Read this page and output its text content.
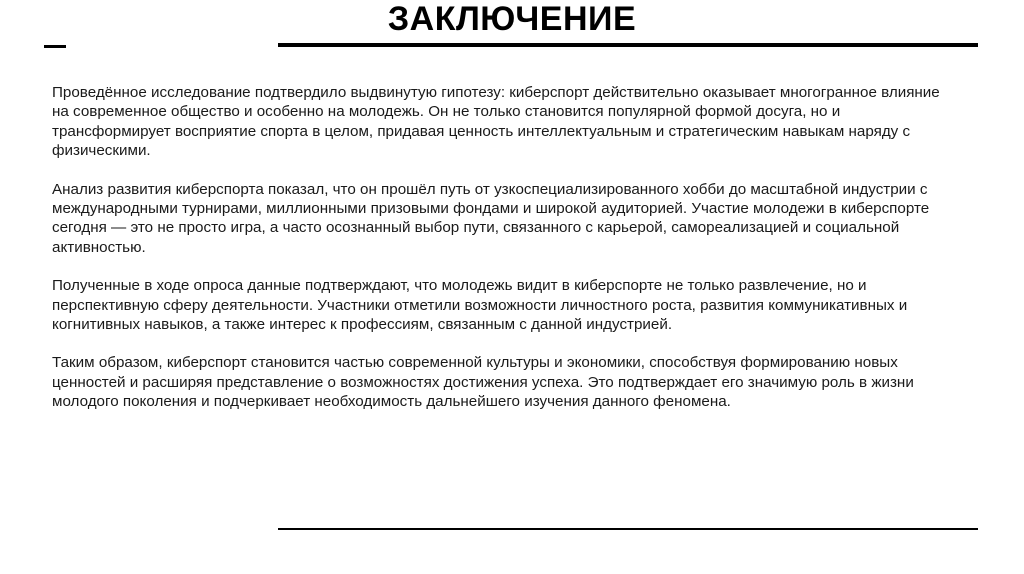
ЗАКЛЮЧЕНИЕ

Проведённое исследование подтвердило выдвинутую гипотезу: киберспорт действительно оказывает многогранное влияние на современное общество и особенно на молодежь. Он не только становится популярной формой досуга, но и трансформирует восприятие спорта в целом, придавая ценность интеллектуальным и стратегическим навыкам наряду с физическими.

Анализ развития киберспорта показал, что он прошёл путь от узкоспециализированного хобби до масштабной индустрии с международными турнирами, миллионными призовыми фондами и широкой аудиторией. Участие молодежи в киберспорте сегодня — это не просто игра, а часто осознанный выбор пути, связанного с карьерой, самореализацией и социальной активностью.

Полученные в ходе опроса данные подтверждают, что молодежь видит в киберспорте не только развлечение, но и перспективную сферу деятельности. Участники отметили возможности личностного роста, развития коммуникативных и когнитивных навыков, а также интерес к профессиям, связанным с данной индустрией.

Таким образом, киберспорт становится частью современной культуры и экономики, способствуя формированию новых ценностей и расширяя представление о возможностях достижения успеха. Это подтверждает его значимую роль в жизни молодого поколения и подчеркивает необходимость дальнейшего изучения данного феномена.
